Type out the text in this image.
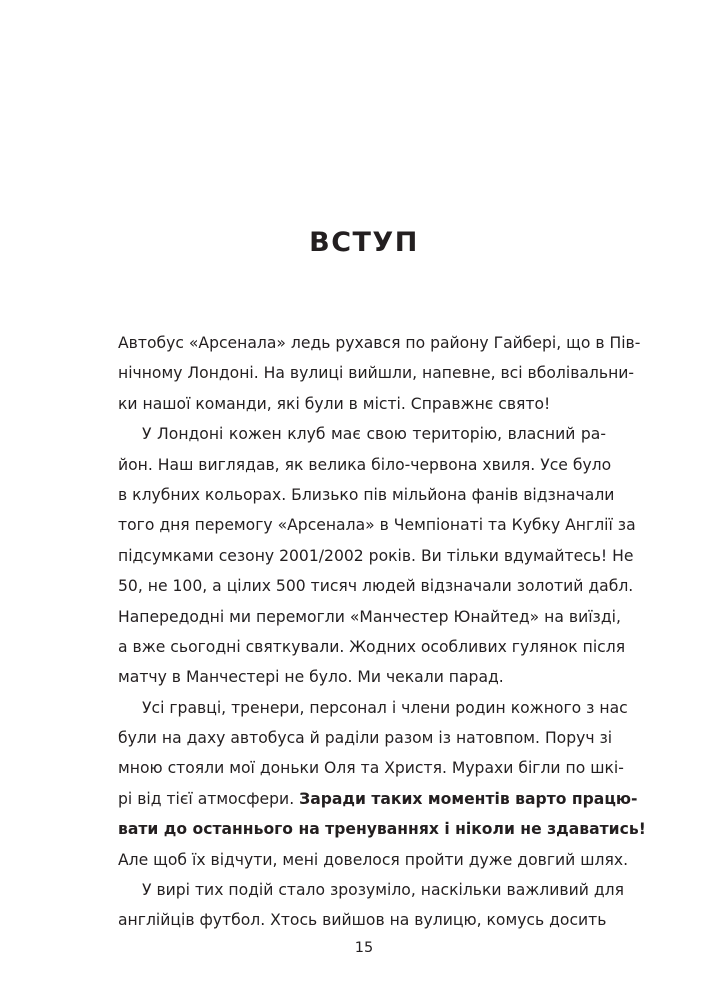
ВСТУП
Автобус «Арсенала» ледь рухався по району Гайбері, що в Пів-
нічному Лондоні. На вулиці вийшли, напевне, всі вболівальни-
ки нашої команди, які були в місті. Справжнє свято!
У Лондоні кожен клуб має свою територію, власний ра-
йон. Наш виглядав, як велика біло-червона хвиля. Усе було
в клубних кольорах. Близько пів мільйона фанів відзначали
того дня перемогу «Арсенала» в Чемпіонаті та Кубку Англії за
підсумками сезону 2001/2002 років. Ви тільки вдумайтесь! Не
50, не 100, а цілих 500 тисяч людей відзначали золотий дабл.
Напередодні ми перемогли «Манчестер Юнайтед» на виїзді,
а вже сьогодні святкували. Жодних особливих гулянок після
матчу в Манчестері не було. Ми чекали парад.
Усі гравці, тренери, персонал і члени родин кожного з нас
були на даху автобуса й раділи разом із натовпом. Поруч зі
мною стояли мої доньки Оля та Христя. Мурахи бігли по шкі-
рі від тієї атмосфери. Заради таких моментів варто працю-
вати до останнього на тренуваннях і ніколи не здаватись!
Але щоб їх відчути, мені довелося пройти дуже довгий шлях.
У вирі тих подій стало зрозуміло, наскільки важливий для
англійців футбол. Хтось вийшов на вулицю, комусь досить
15
